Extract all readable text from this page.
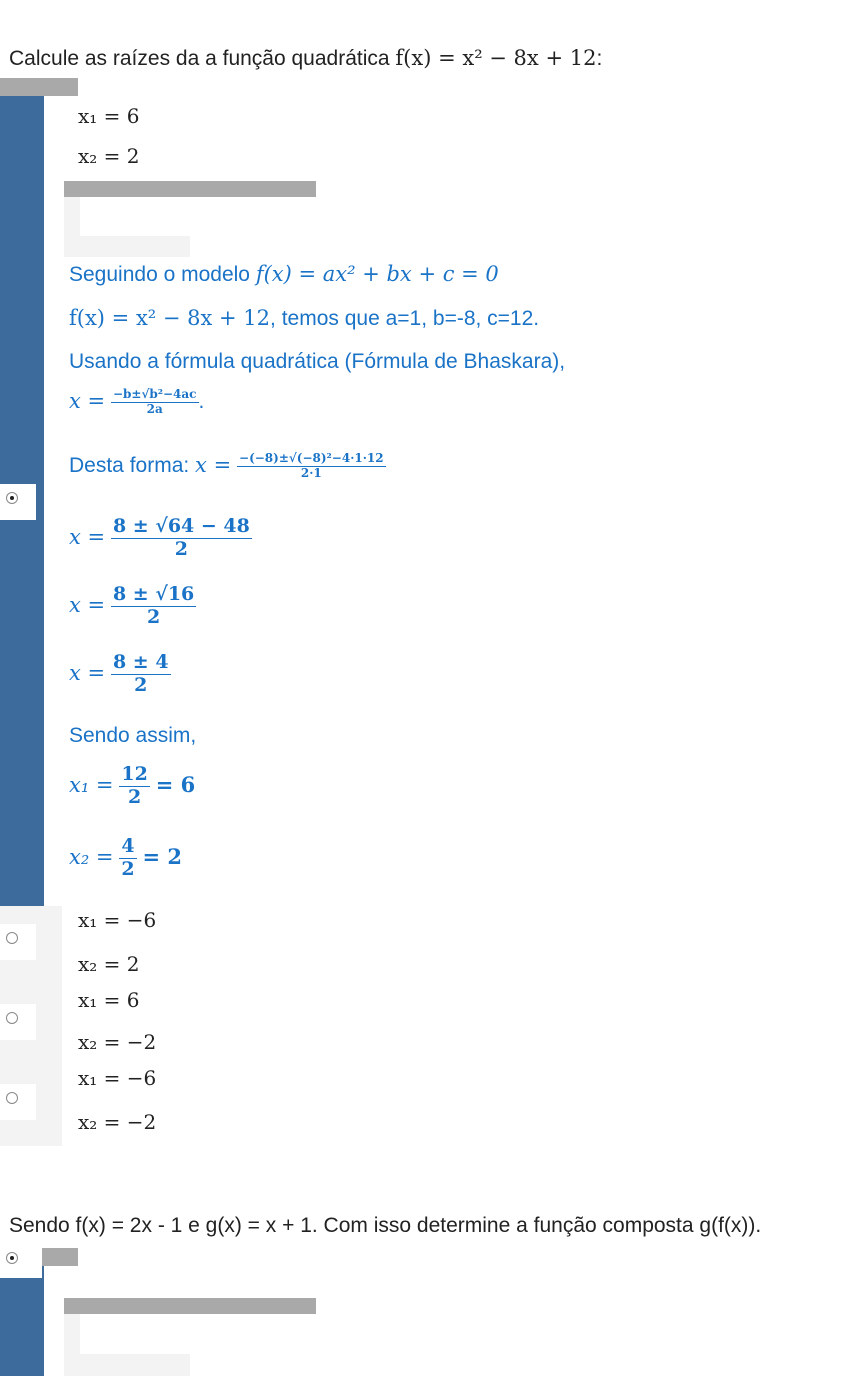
Calcule as raízes da a função quadrática f(x) = x² − 8x + 12:
x₁ = 6
x₂ = 2
Seguindo o modelo f(x) = ax² + bx + c = 0
f(x) = x² − 8x + 12, temos que a=1, b=-8, c=12.
Usando a fórmula quadrática (Fórmula de Bhaskara),
$x = \frac{\text{−b±√b²−4ac}}{2a}$ .
Desta forma: $x = \frac{\text{−(−8)±√(−8)²−4·1·12}}{2\cdot 1}$
$x = \frac{8 \pm √64 - 48}{2}$
$x = \frac{8 \pm √16}{2}$
$x = \frac{8 \pm 4}{2}$
Sendo assim,
$x_1 = \frac{12}{2} = 6$
$x_2 = \frac{4}{2} = 2$
x₁ = −6
x₂ = 2
x₁ = 6
x₂ = −2
x₁ = −6
x₂ = −2
Sendo f(x) = 2x - 1 e g(x) = x + 1. Com isso determine a função composta g(f(x)).
